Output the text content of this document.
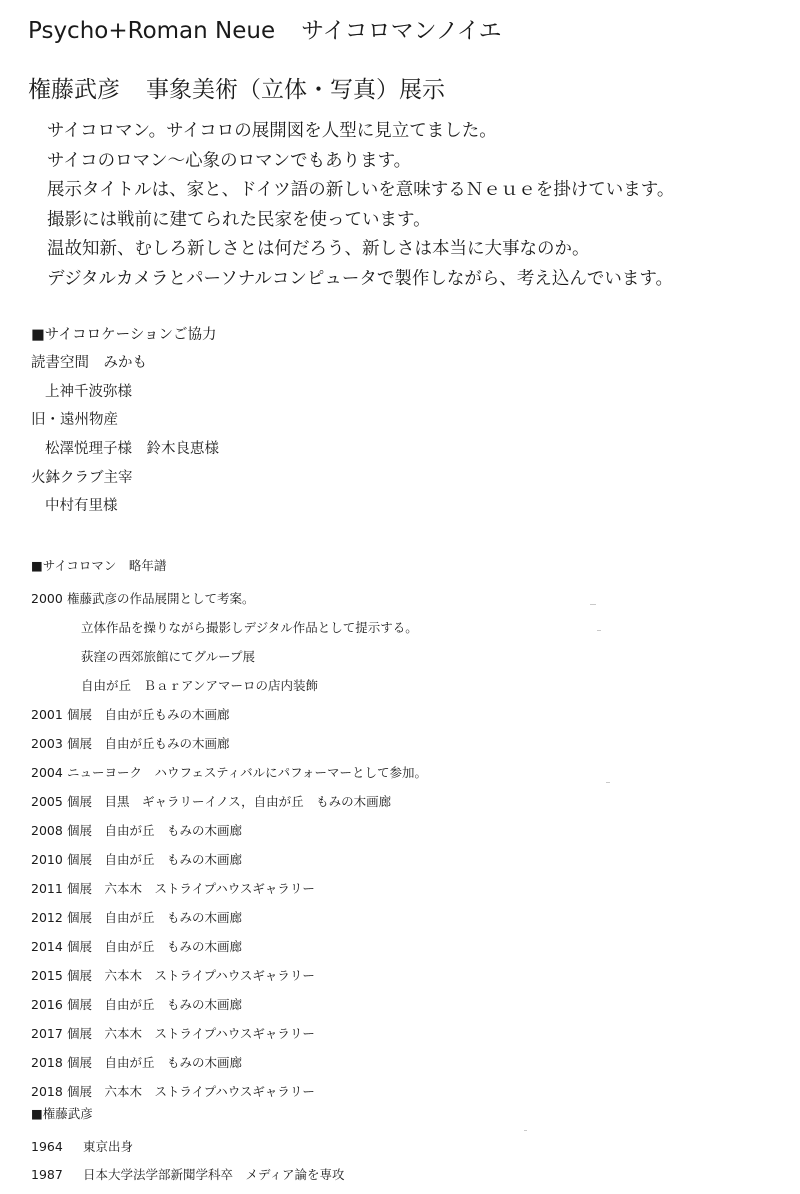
Psycho+Roman Neue サイコロマンノイエ
権藤武彦 事象美術（立体・写真）展示
サイコロマン。サイコロの展開図を人型に見立てました。
サイコのロマン〜心象のロマンでもあります。
展示タイトルは、家と、ドイツ語の新しいを意味するＮｅｕｅを掛けています。
撮影には戦前に建てられた民家を使っています。
温故知新、むしろ新しさとは何だろう、新しさは本当に大事なのか。
デジタルカメラとパーソナルコンピュータで製作しながら、考え込んでいます。
■サイコロケーションご協力
読書空間　みかも
上神千波弥様
旧・遠州物産
松澤悦理子様　鈴木良恵様
火鉢クラブ主宰
中村有里様
■サイコロマン　略年譜
2000 権藤武彦の作品展開として考案。
立体作品を操りながら撮影しデジタル作品として提示する。
荻窪の西郊旅館にてグループ展
自由が丘　Ｂａｒアンアマーロの店内装飾
2001 個展　自由が丘もみの木画廊
2003 個展　自由が丘もみの木画廊
2004 ニューヨーク　ハウフェスティバルにパフォーマーとして参加。
2005 個展　目黒　ギャラリーイノス，自由が丘　もみの木画廊
2008 個展　自由が丘　もみの木画廊
2010 個展　自由が丘　もみの木画廊
2011 個展　六本木　ストライプハウスギャラリー
2012 個展　自由が丘　もみの木画廊
2014 個展　自由が丘　もみの木画廊
2015 個展　六本木　ストライプハウスギャラリー
2016 個展　自由が丘　もみの木画廊
2017 個展　六本木　ストライプハウスギャラリー
2018 個展　自由が丘　もみの木画廊
2018 個展　六本木　ストライプハウスギャラリー
■権藤武彦
1964	東京出身
1987	日本大学法学部新聞学科卒　メディア論を専攻
